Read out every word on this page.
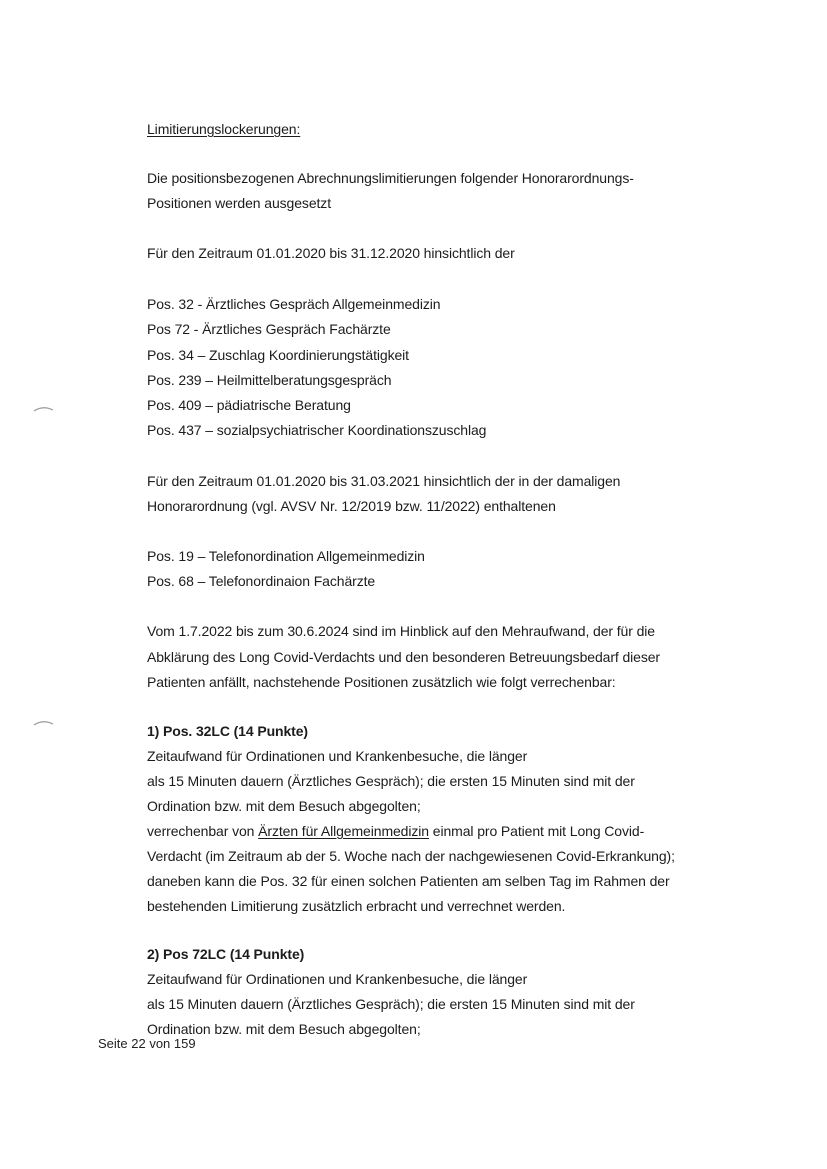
Limitierungslockerungen:
Die positionsbezogenen Abrechnungslimitierungen folgender Honorarordnungs-
Positionen werden ausgesetzt
Für den Zeitraum 01.01.2020 bis 31.12.2020 hinsichtlich der
Pos. 32 - Ärztliches Gespräch Allgemeinmedizin
Pos 72 - Ärztliches Gespräch Fachärzte
Pos. 34 – Zuschlag Koordinierungstätigkeit
Pos. 239 – Heilmittelberatungsgespräch
Pos. 409 – pädiatrische Beratung
Pos. 437 – sozialpsychiatrischer Koordinationszuschlag
Für den Zeitraum 01.01.2020 bis 31.03.2021 hinsichtlich der in der damaligen
Honorarordnung (vgl. AVSV Nr. 12/2019 bzw. 11/2022) enthaltenen
Pos. 19 – Telefonordination Allgemeinmedizin
Pos. 68 – Telefonordinaion Fachärzte
Vom 1.7.2022 bis zum 30.6.2024 sind im Hinblick auf den Mehraufwand, der für die
Abklärung des Long Covid-Verdachts und den besonderen Betreuungsbedarf dieser
Patienten anfällt, nachstehende Positionen zusätzlich wie folgt verrechenbar:
1) Pos. 32LC (14 Punkte)
Zeitaufwand für Ordinationen und Krankenbesuche, die länger
als 15 Minuten dauern (Ärztliches Gespräch); die ersten 15 Minuten sind mit der
Ordination bzw. mit dem Besuch abgegolten;
verrechenbar von Ärzten für Allgemeinmedizin einmal pro Patient mit Long Covid-
Verdacht (im Zeitraum ab der 5. Woche nach der nachgewiesenen Covid-Erkrankung);
daneben kann die Pos. 32 für einen solchen Patienten am selben Tag im Rahmen der
bestehenden Limitierung zusätzlich erbracht und verrechnet werden.
2) Pos 72LC (14 Punkte)
Zeitaufwand für Ordinationen und Krankenbesuche, die länger
als 15 Minuten dauern (Ärztliches Gespräch); die ersten 15 Minuten sind mit der
Ordination bzw. mit dem Besuch abgegolten;
Seite 22 von 159
